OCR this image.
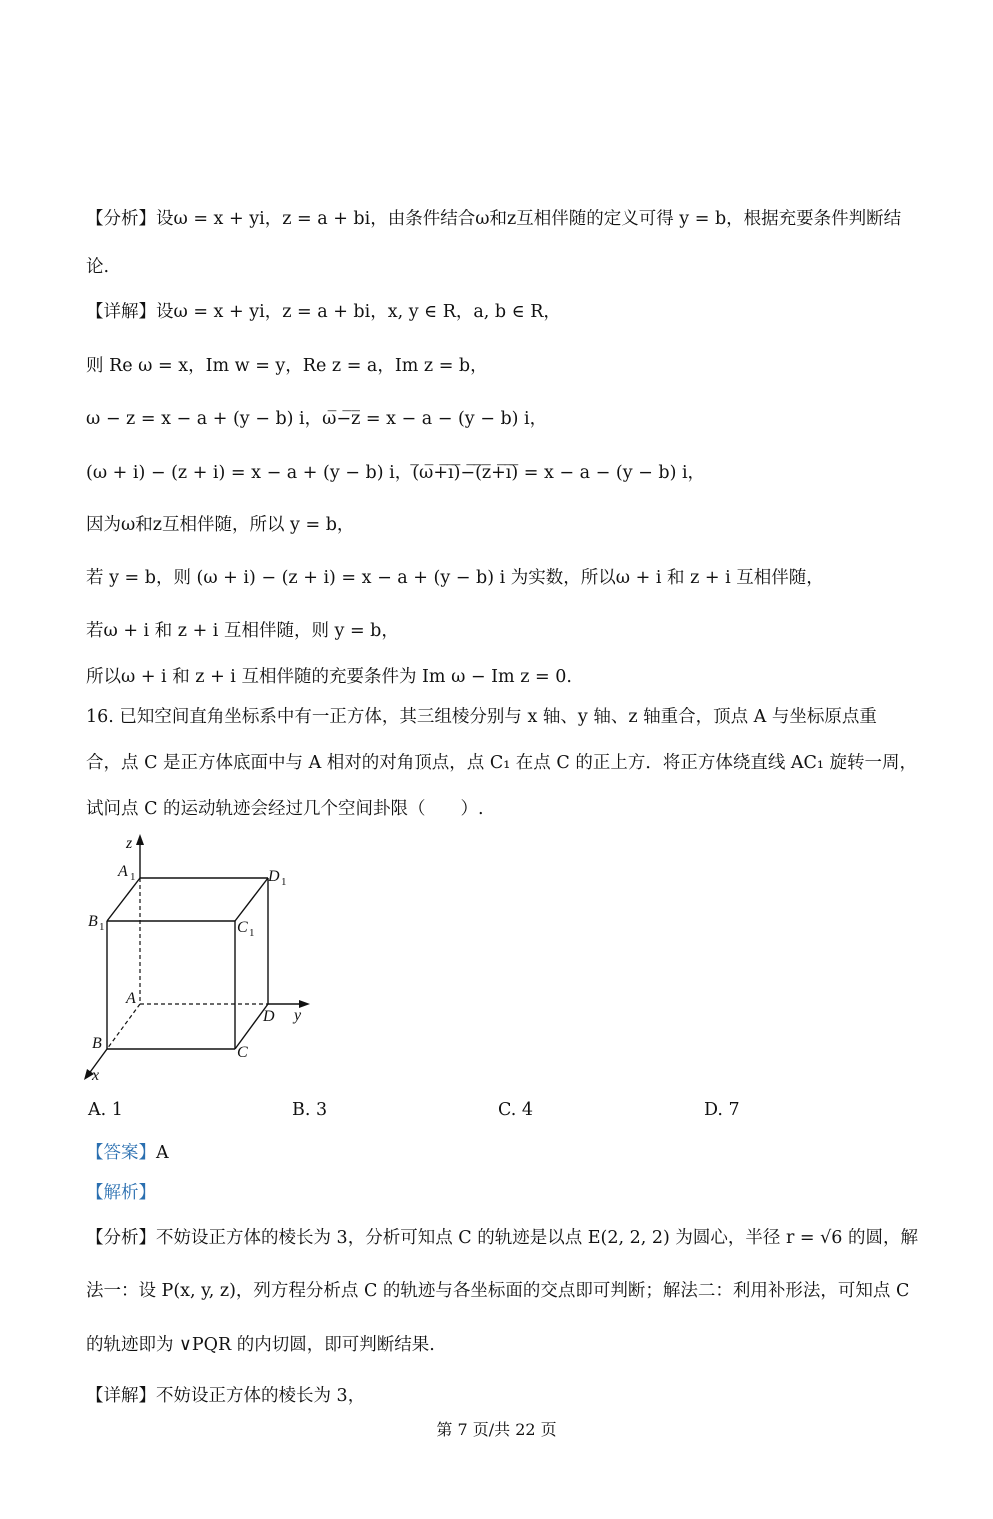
【分析】设ω = x + yi，z = a + bi，由条件结合ω和z互相伴随的定义可得 y = b，根据充要条件判断结
论.
【详解】设ω = x + yi，z = a + bi，x, y ∈ R，a, b ∈ R，
则 Re ω = x，Im w = y，Re z = a，Im z = b，
ω − z = x − a + (y − b) i，ω̅−̅z̅ = x − a − (y − b) i，
(ω + i) − (z + i) = x − a + (y − b) i，(̅ω̅+̅i̅)̅−̅(̅z̅+̅i̅)̅ = x − a − (y − b) i，
因为ω和z互相伴随，所以 y = b，
若 y = b，则 (ω + i) − (z + i) = x − a + (y − b) i 为实数，所以ω + i 和 z + i 互相伴随，
若ω + i 和 z + i 互相伴随，则 y = b，
所以ω + i 和 z + i 互相伴随的充要条件为 Im ω − Im z = 0.
16. 已知空间直角坐标系中有一正方体，其三组棱分别与 x 轴、y 轴、z 轴重合，顶点 A 与坐标原点重
合，点 C 是正方体底面中与 A 相对的对角顶点，点 C₁ 在点 C 的正上方．将正方体绕直线 AC₁ 旋转一周，
试问点 C 的运动轨迹会经过几个空间卦限（　　）.
z
y
x
A 1	D 1
B 1	C 1
A
D
B
C
A. 1	B. 3	C. 4	D. 7
【答案】A
【解析】
【分析】不妨设正方体的棱长为 3，分析可知点 C 的轨迹是以点 E(2, 2, 2) 为圆心，半径 r = √6 的圆，解
法一：设 P(x, y, z)，列方程分析点 C 的轨迹与各坐标面的交点即可判断；解法二：利用补形法，可知点 C
的轨迹即为 ∨PQR 的内切圆，即可判断结果.
【详解】不妨设正方体的棱长为 3，
第 7 页/共 22 页
